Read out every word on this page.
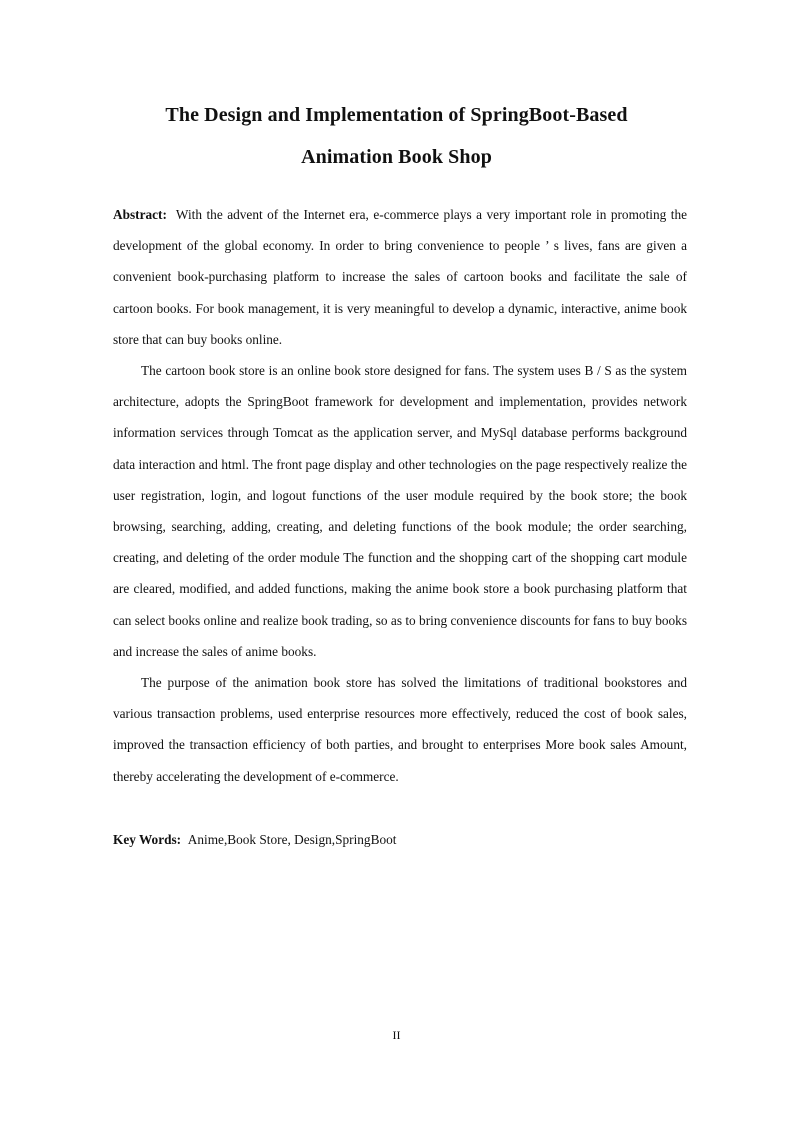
The Design and Implementation of SpringBoot-Based
Animation Book Shop

Abstract: With the advent of the Internet era, e-commerce plays a very important role in promoting the development of the global economy. In order to bring convenience to people ’ s lives, fans are given a convenient book-purchasing platform to increase the sales of cartoon books and facilitate the sale of cartoon books. For book management, it is very meaningful to develop a dynamic, interactive, anime book store that can buy books online.

The cartoon book store is an online book store designed for fans. The system uses B / S as the system architecture, adopts the SpringBoot framework for development and implementation, provides network information services through Tomcat as the application server, and MySql database performs background data interaction and html. The front page display and other technologies on the page respectively realize the user registration, login, and logout functions of the user module required by the book store; the book browsing, searching, adding, creating, and deleting functions of the book module; the order searching, creating, and deleting of the order module The function and the shopping cart of the shopping cart module are cleared, modified, and added functions, making the anime book store a book purchasing platform that can select books online and realize book trading, so as to bring convenience discounts for fans to buy books and increase the sales of anime books.

The purpose of the animation book store has solved the limitations of traditional bookstores and various transaction problems, used enterprise resources more effectively, reduced the cost of book sales, improved the transaction efficiency of both parties, and brought to enterprises More book sales Amount, thereby accelerating the development of e-commerce.

Key Words: Anime,Book Store, Design,SpringBoot

II
